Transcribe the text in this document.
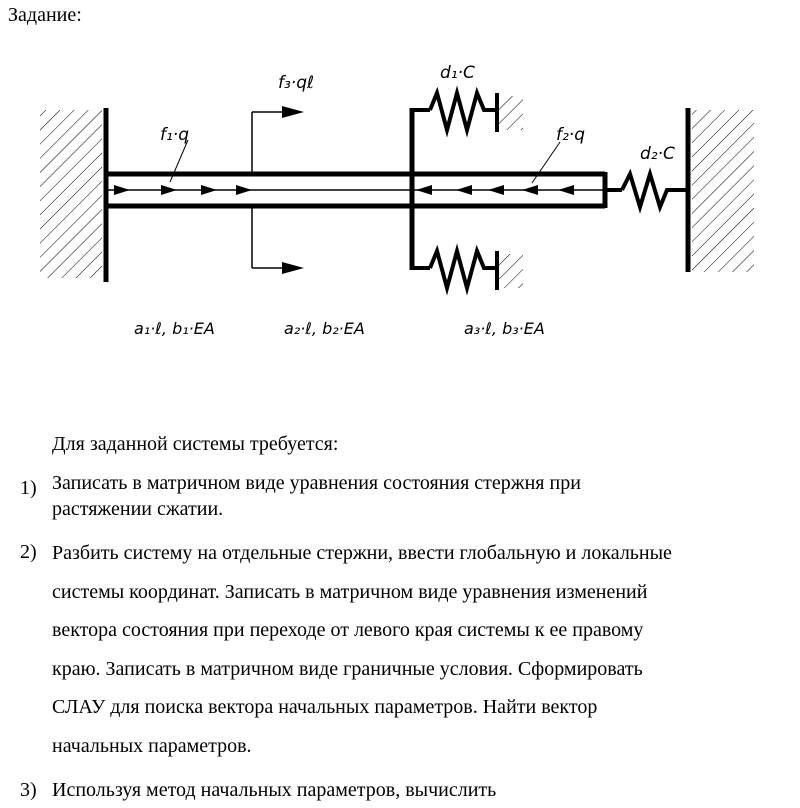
Задание:
f₁·q
f₃·qℓ
f₂·q
d₁·C
d₂·C
a₁·ℓ, b₁·EA	a₂·ℓ, b₂·EA	a₃·ℓ, b₃·EA
Для заданной системы требуется:
1) Записать в матричном виде уравнения состояния стержня при
растяжении сжатии.
2) Разбить систему на отдельные стержни, ввести глобальную и локальные
системы координат. Записать в матричном виде уравнения изменений
вектора состояния при переходе от левого края системы к ее правому
краю. Записать в матричном виде граничные условия. Сформировать
СЛАУ для поиска вектора начальных параметров. Найти вектор
начальных параметров.
3) Используя метод начальных параметров, вычислить
